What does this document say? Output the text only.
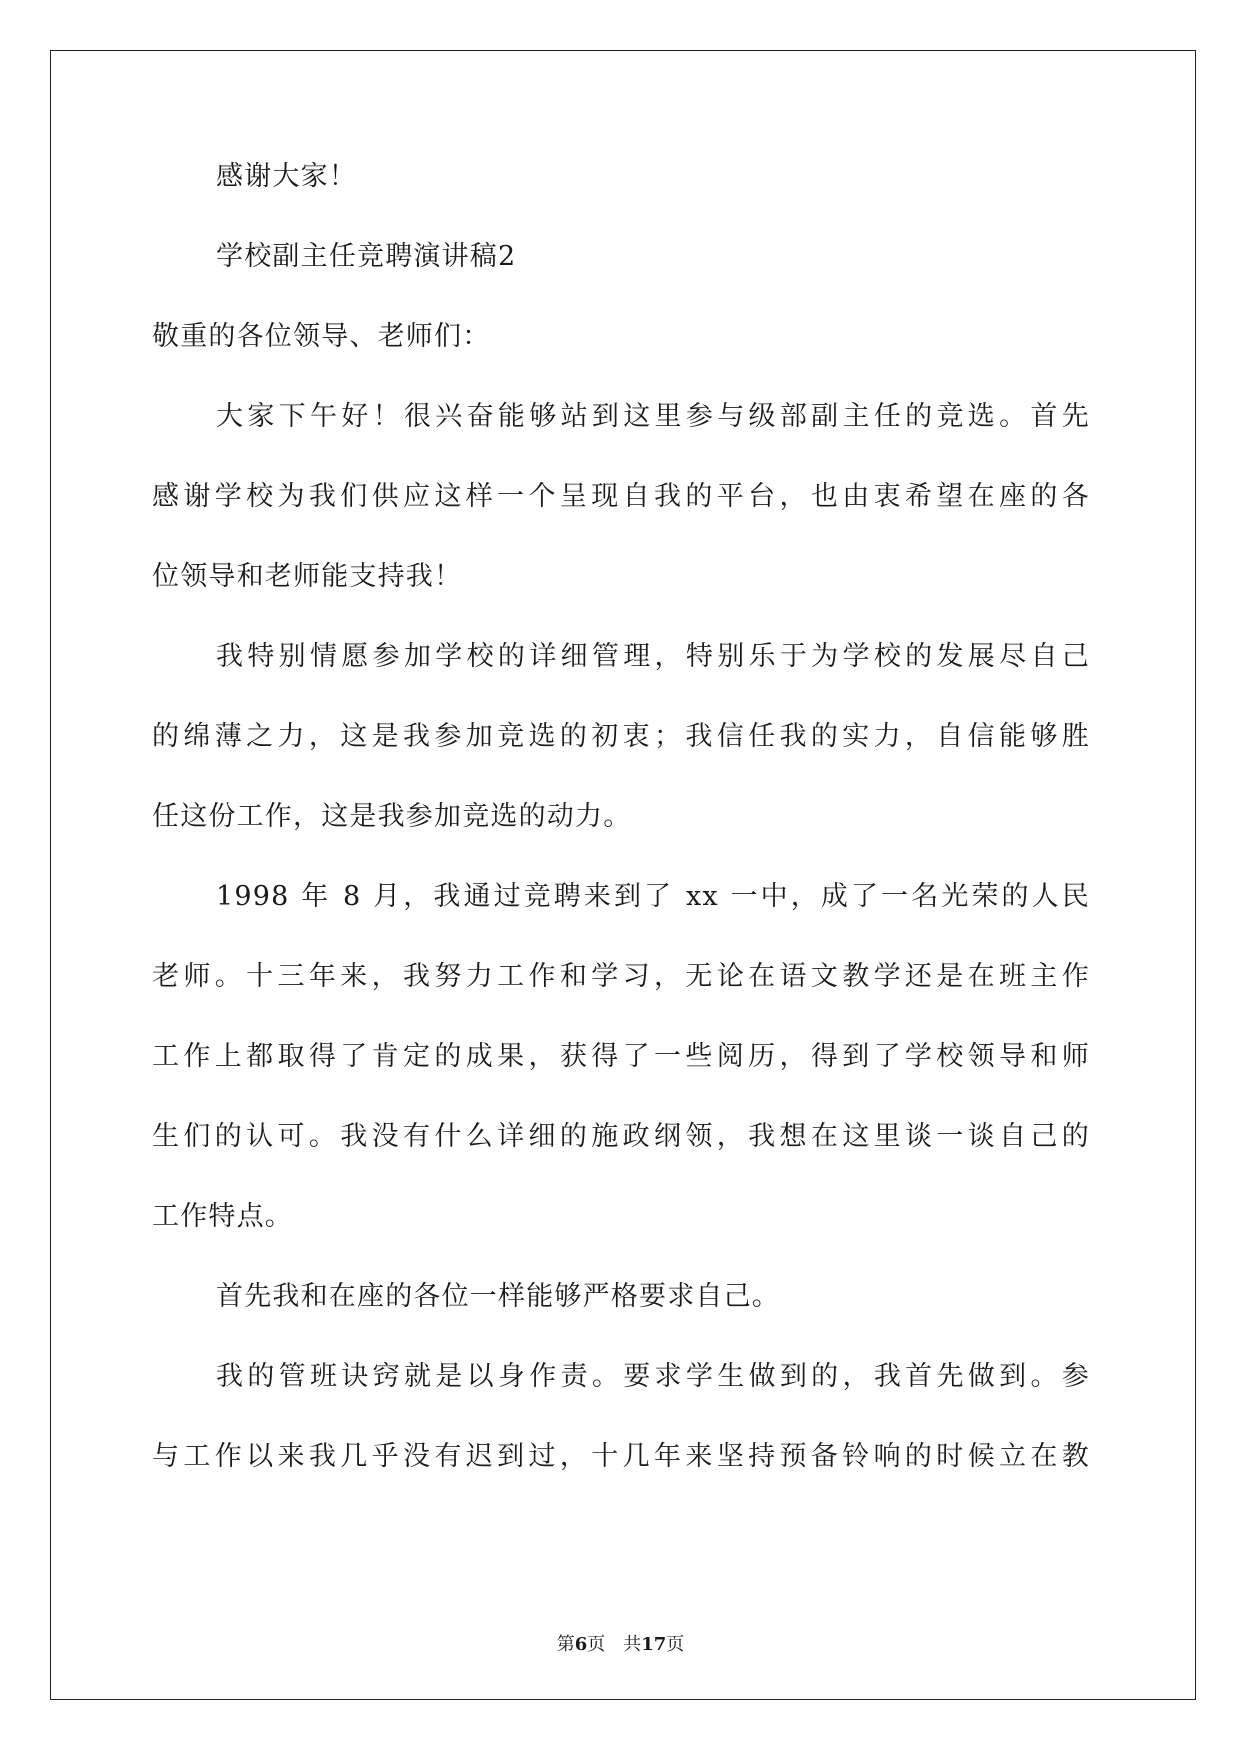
感谢大家！
学校副主任竞聘演讲稿2
敬重的各位领导、老师们：
大家下午好！很兴奋能够站到这里参与级部副主任的竞选。首先
感谢学校为我们供应这样一个呈现自我的平台，也由衷希望在座的各
位领导和老师能支持我！
我特别情愿参加学校的详细管理，特别乐于为学校的发展尽自己
的绵薄之力，这是我参加竞选的初衷；我信任我的实力，自信能够胜
任这份工作，这是我参加竞选的动力。
1998 年 8 月，我通过竞聘来到了 xx 一中，成了一名光荣的人民
老师。十三年来，我努力工作和学习，无论在语文教学还是在班主作
工作上都取得了肯定的成果，获得了一些阅历，得到了学校领导和师
生们的认可。我没有什么详细的施政纲领，我想在这里谈一谈自己的
工作特点。
首先我和在座的各位一样能够严格要求自己。
我的管班诀窍就是以身作责。要求学生做到的，我首先做到。参
与工作以来我几乎没有迟到过，十几年来坚持预备铃响的时候立在教
第6页 共17页
